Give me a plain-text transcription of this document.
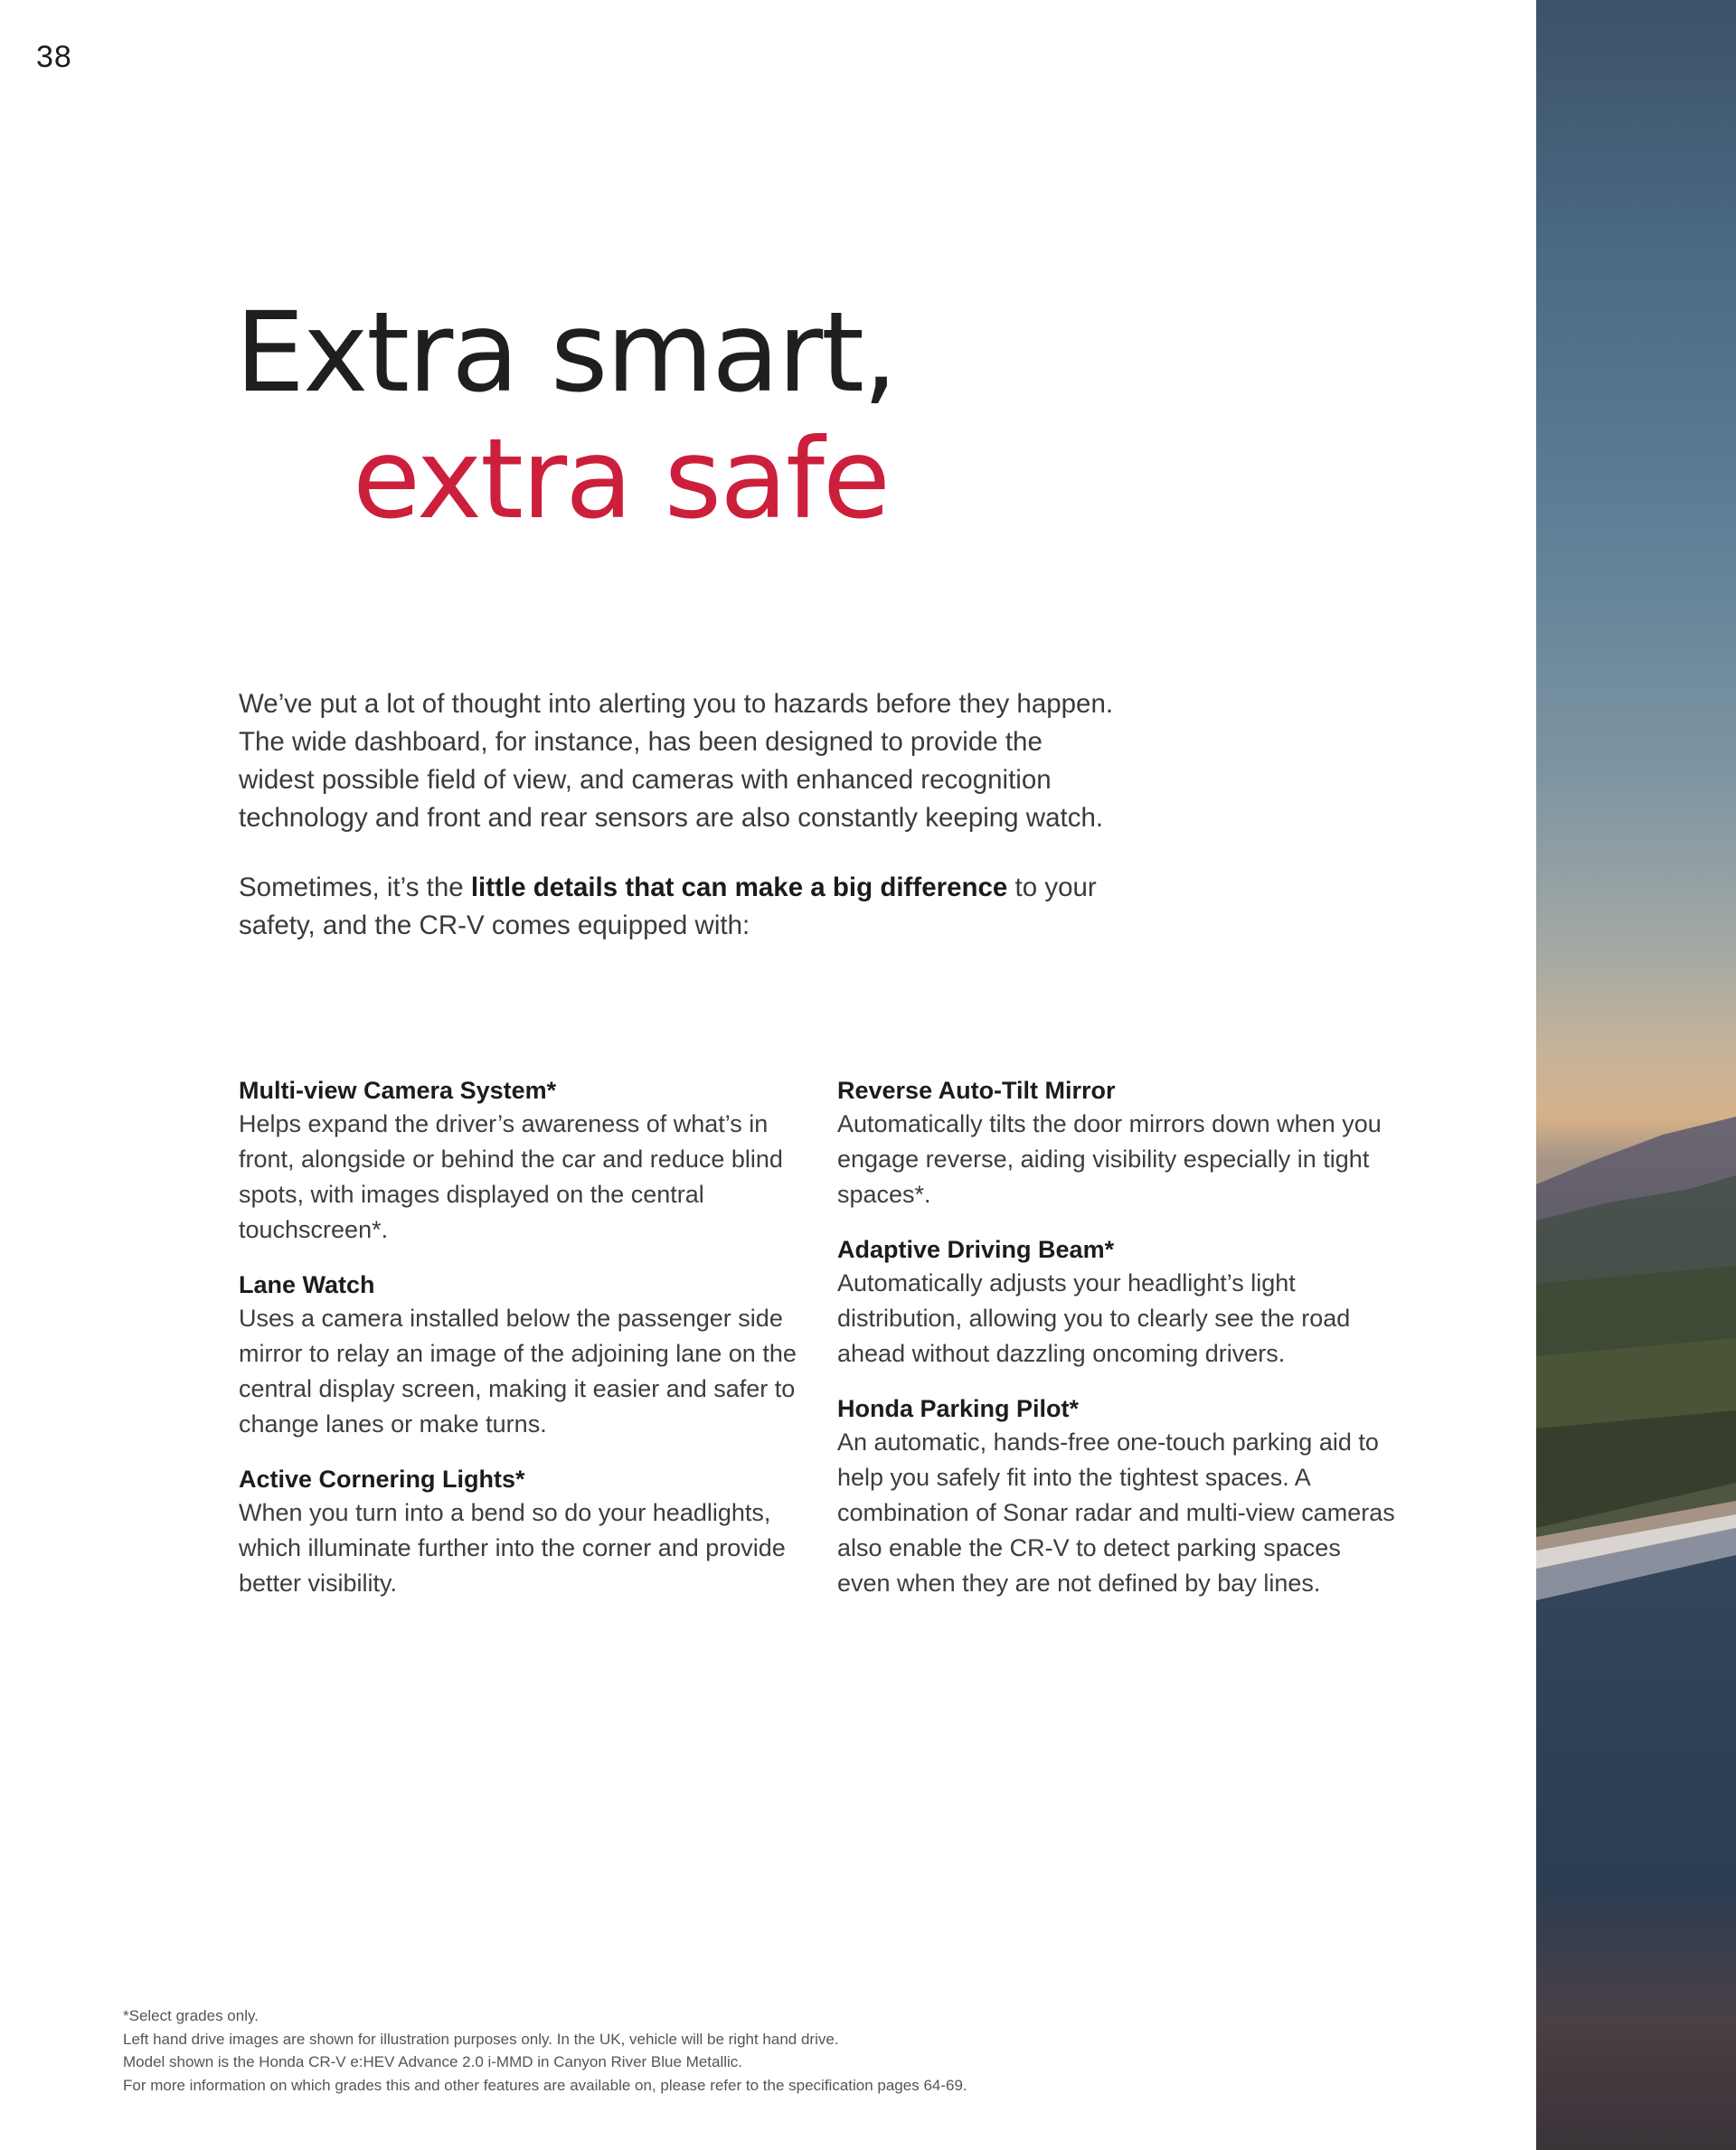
38
Extra smart,
extra safe

We’ve put a lot of thought into alerting you to hazards before they happen. The wide dashboard, for instance, has been designed to provide the widest possible field of view, and cameras with enhanced recognition technology and front and rear sensors are also constantly keeping watch.

Sometimes, it’s the little details that can make a big difference to your safety, and the CR-V comes equipped with:

Multi-view Camera System*

Helps expand the driver’s awareness of what’s in front, alongside or behind the car and reduce blind spots, with images displayed on the central touchscreen*.

Lane Watch

Uses a camera installed below the passenger side mirror to relay an image of the adjoining lane on the central display screen, making it easier and safer to change lanes or make turns.

Active Cornering Lights*

When you turn into a bend so do your headlights, which illuminate further into the corner and provide better visibility.

Reverse Auto-Tilt Mirror

Automatically tilts the door mirrors down when you engage reverse, aiding visibility especially in tight spaces*.

Adaptive Driving Beam*

Automatically adjusts your headlight’s light distribution, allowing you to clearly see the road ahead without dazzling oncoming drivers.

Honda Parking Pilot*

An automatic, hands-free one-touch parking aid to help you safely fit into the tightest spaces. A combination of Sonar radar and multi-view cameras also enable the CR-V to detect parking spaces even when they are not defined by bay lines.

*Select grades only.
Left hand drive images are shown for illustration purposes only. In the UK, vehicle will be right hand drive.
Model shown is the Honda CR-V e:HEV Advance 2.0 i-MMD in Canyon River Blue Metallic.
For more information on which grades this and other features are available on, please refer to the specification pages 64-69.
